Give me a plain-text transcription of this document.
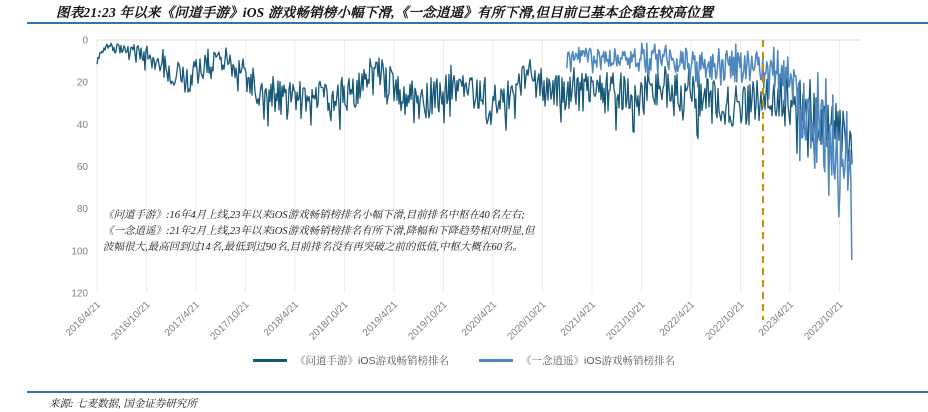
图表21:23 年以来《问道手游》iOS 游戏畅销榜小幅下滑,《一念逍遥》有所下滑,但目前已基本企稳在较高位置
2016/4/21 2016/10/21 2017/4/21 2017/10/21 2018/4/21 2018/10/21 2019/4/21 2019/10/21 2020/4/21 2020/10/21 2021/4/21 2021/10/21 2022/4/21 2022/10/21 2023/4/21 2023/10/21
0
20
40
60
80
100
120
《问道手游》:16年4月上线,23年以来iOS游戏畅销榜排名小幅下滑,目前排名中枢在40名左右;
《一念逍遥》:21年2月上线,23年以来iOS游戏畅销榜排名有所下滑,降幅和下降趋势相对明显,但
波幅很大,最高回到过14名,最低到过90名,目前排名没有再突破之前的低值,中枢大概在60名。
《问道手游》iOS游戏畅销榜排名	《一念逍遥》iOS游戏畅销榜排名
来源: 七麦数据, 国金证券研究所
